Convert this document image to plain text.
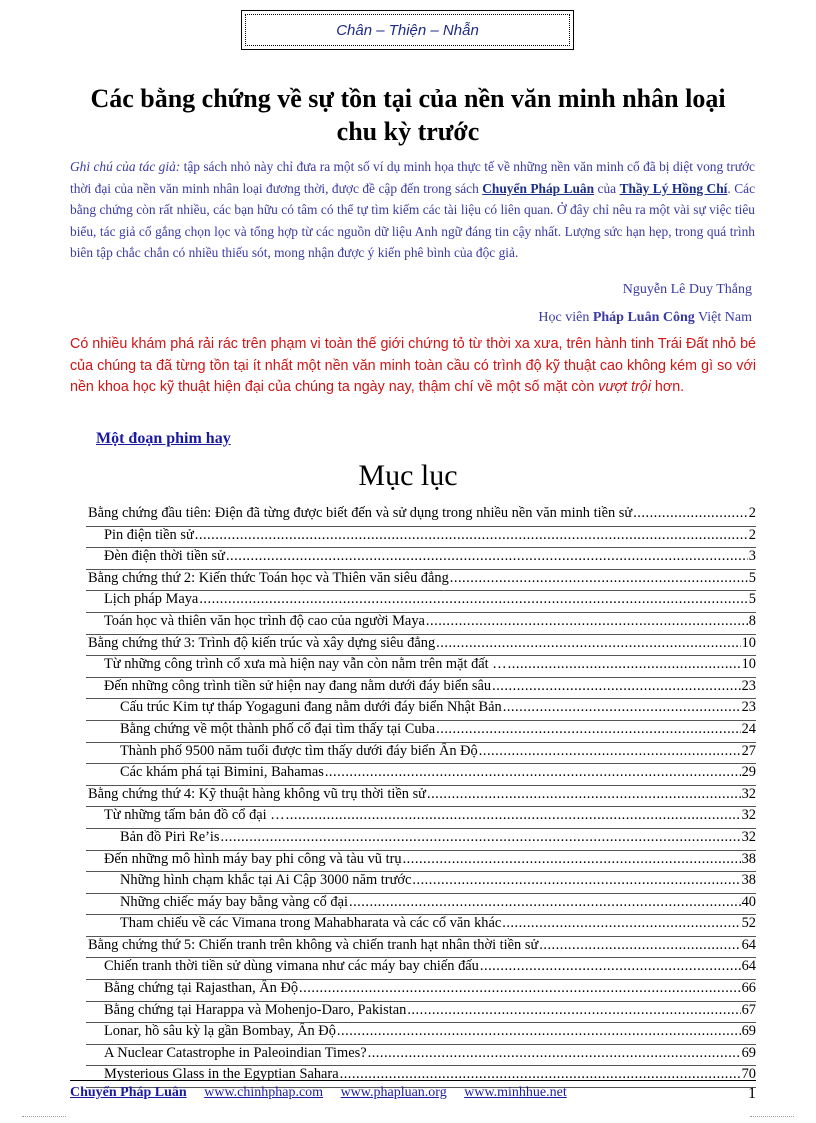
Chân – Thiện – Nhẫn
Các bằng chứng về sự tồn tại của nền văn minh nhân loại chu kỳ trước
Ghi chú của tác giả: tập sách nhỏ này chỉ đưa ra một số ví dụ minh họa thực tế về những nền văn minh cổ đã bị diệt vong trước thời đại của nền văn minh nhân loại đương thời, được đề cập đến trong sách Chuyển Pháp Luân của Thầy Lý Hồng Chí. Các bằng chứng còn rất nhiều, các bạn hữu có tâm có thể tự tìm kiếm các tài liệu có liên quan. Ở đây chỉ nêu ra một vài sự việc tiêu biểu, tác giả cố gắng chọn lọc và tổng hợp từ các nguồn dữ liệu Anh ngữ đáng tin cậy nhất. Lượng sức hạn hẹp, trong quá trình biên tập chắc chắn có nhiều thiếu sót, mong nhận được ý kiến phê bình của độc giả.
Nguyễn Lê Duy Thắng
Học viên Pháp Luân Công Việt Nam
Có nhiều khám phá rải rác trên phạm vi toàn thế giới chứng tỏ từ thời xa xưa, trên hành tinh Trái Đất nhỏ bé của chúng ta đã từng tồn tại ít nhất một nền văn minh toàn cầu có trình độ kỹ thuật cao không kém gì so với nền khoa học kỹ thuật hiện đại của chúng ta ngày nay, thậm chí về một số mặt còn vượt trội hơn.
Một đoạn phim hay
Mục lục
Bằng chứng đầu tiên: Điện đã từng được biết đến và sử dụng trong nhiều nền văn minh tiền sử .....	2
Pin điện tiền sử .....	2
Đèn điện thời tiền sử .....	3
Bằng chứng thứ 2: Kiến thức Toán học và Thiên văn siêu đẳng .....	5
Lịch pháp Maya .....	5
Toán học và thiên văn học trình độ cao của người Maya .....	8
Bằng chứng thứ 3: Trình độ kiến trúc và xây dựng siêu đẳng .....	10
Từ những công trình cổ xưa mà hiện nay vẫn còn nằm trên mặt đất … .....	10
Đến những công trình tiền sử hiện nay đang nằm dưới đáy biển sâu .....	23
Cấu trúc Kim tự tháp Yogaguni đang nằm dưới đáy biển Nhật Bản .....	23
Bằng chứng về một thành phố cổ đại tìm thấy tại Cuba .....	24
Thành phố 9500 năm tuổi được tìm thấy dưới đáy biển Ấn Độ .....	27
Các khám phá tại Bimini, Bahamas .....	29
Bằng chứng thứ 4: Kỹ thuật hàng không vũ trụ thời tiền sử .....	32
Từ những tấm bản đồ cổ đại … .....	32
Bản đồ Piri Re’is .....	32
Đến những mô hình máy bay phi công và tàu vũ trụ .....	38
Những hình chạm khắc tại Ai Cập 3000 năm trước .....	38
Những chiếc máy bay bằng vàng cổ đại .....	40
Tham chiếu về các Vimana trong Mahabharata và các cổ văn khác .....	52
Bằng chứng thứ 5: Chiến tranh trên không và chiến tranh hạt nhân thời tiền sử .....	64
Chiến tranh thời tiền sử dùng vimana như các máy bay chiến đấu .....	64
Bằng chứng tại Rajasthan, Ấn Độ .....	66
Bằng chứng tại Harappa và Mohenjo-Daro, Pakistan .....	67
Lonar, hồ sâu kỳ lạ gần Bombay, Ấn Độ .....	69
A Nuclear Catastrophe in Paleoindian Times? .....	69
Mysterious Glass in the Egyptian Sahara .....	70
Chuyển Pháp Luân www.chinhphap.com www.phapluan.org www.minhhue.net	1
